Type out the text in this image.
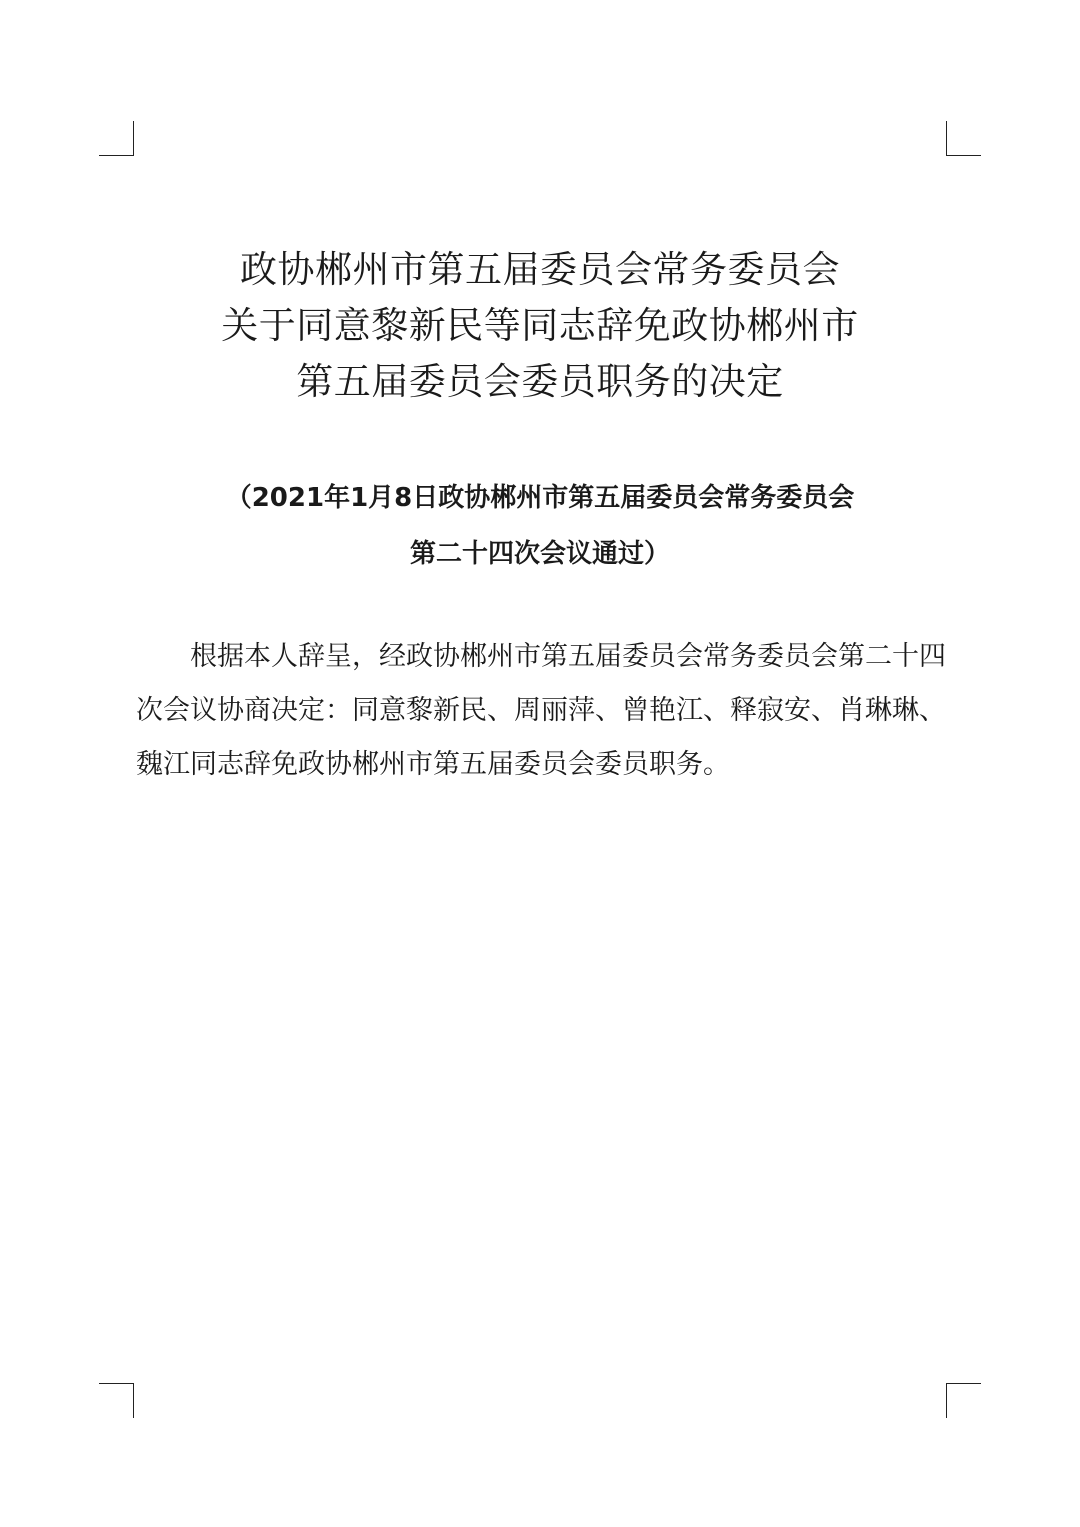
政协郴州市第五届委员会常务委员会
关于同意黎新民等同志辞免政协郴州市
第五届委员会委员职务的决定
（2021年1月8日政协郴州市第五届委员会常务委员会
第二十四次会议通过）

根据本人辞呈，经政协郴州市第五届委员会常务委员会第二十四次会议协商决定：同意黎新民、周丽萍、曾艳江、释寂安、肖琳琳、魏江同志辞免政协郴州市第五届委员会委员职务。
